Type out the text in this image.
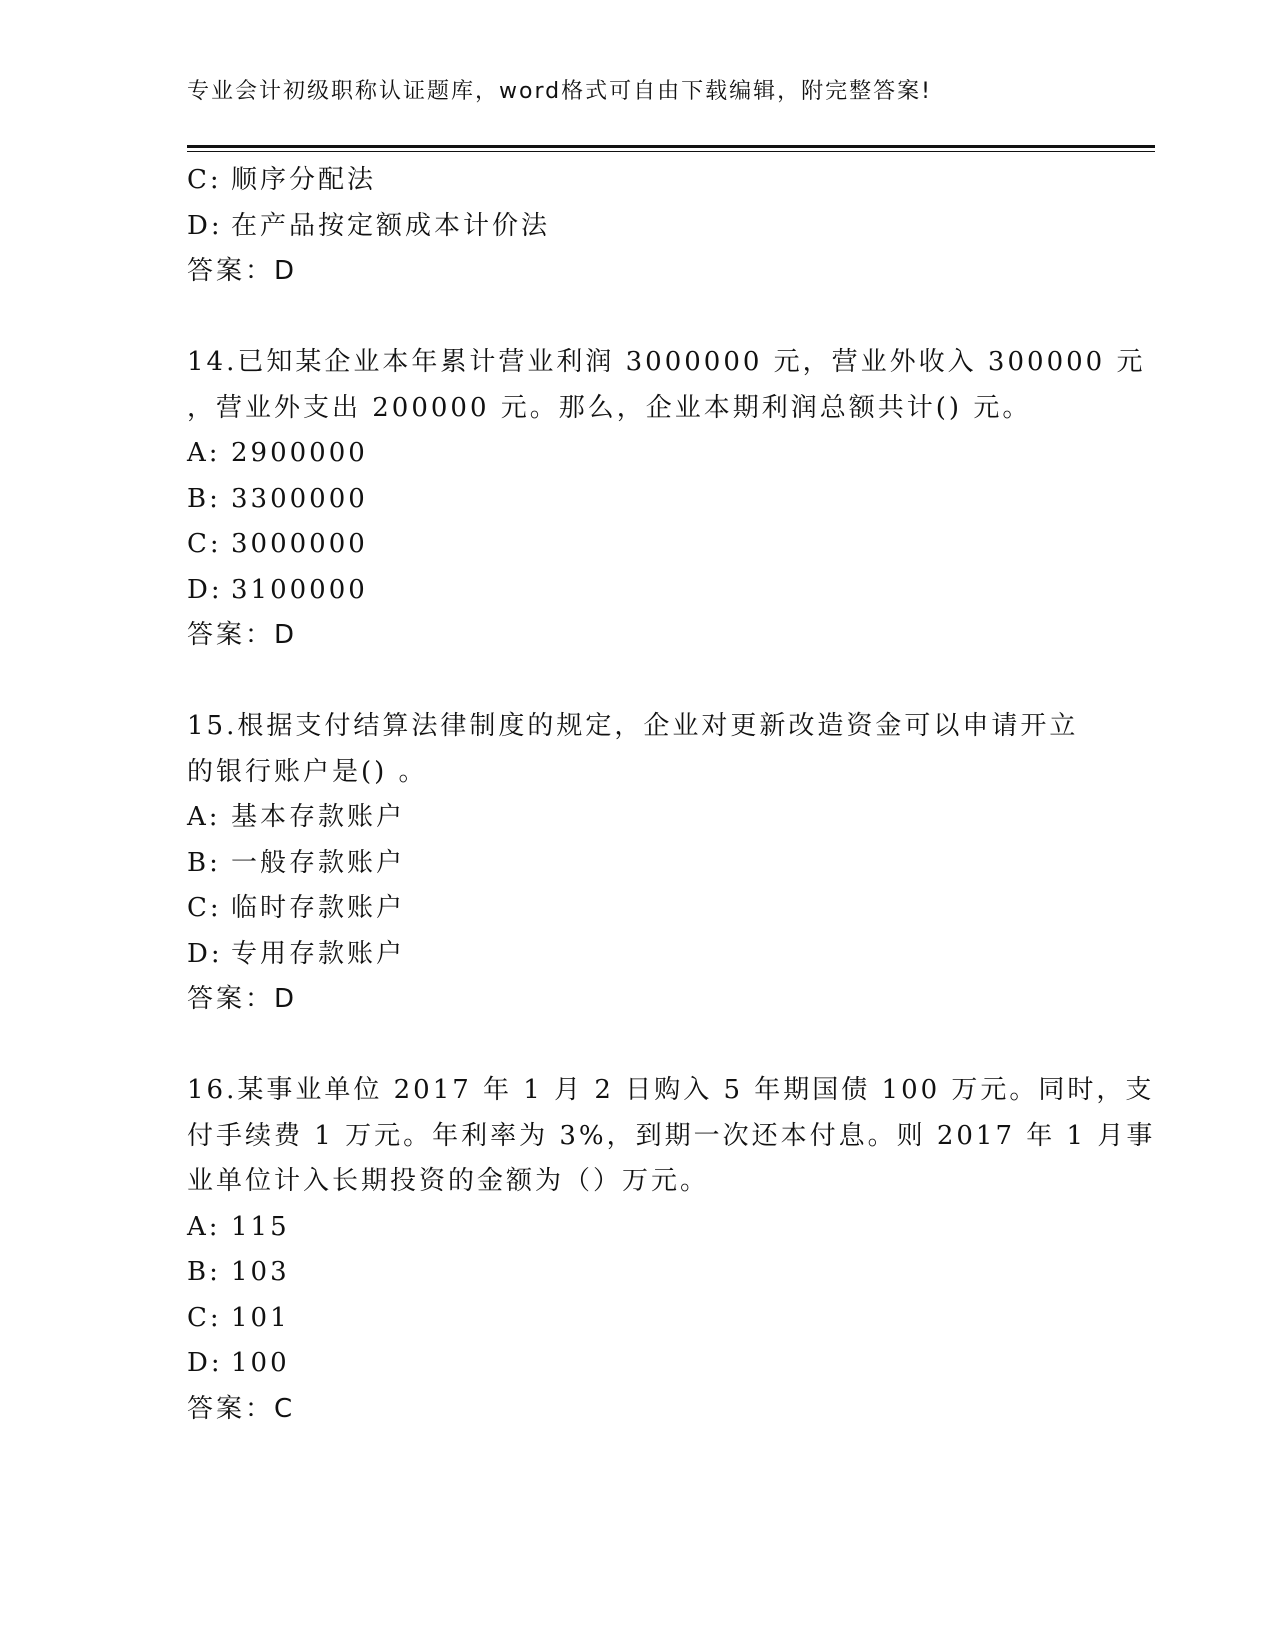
专业会计初级职称认证题库，word格式可自由下载编辑，附完整答案!
C: 顺序分配法
D: 在产品按定额成本计价法
答案：D
14.已知某企业本年累计营业利润 3000000 元，营业外收入 300000 元
，营业外支出 200000 元。那么，企业本期利润总额共计() 元。
A: 2900000
B: 3300000
C: 3000000
D: 3100000
答案：D
15.根据支付结算法律制度的规定，企业对更新改造资金可以申请开立
的银行账户是() 。
A: 基本存款账户
B: 一般存款账户
C: 临时存款账户
D: 专用存款账户
答案：D
16.某事业单位 2017 年 1 月 2 日购入 5 年期国债 100 万元。同时，支
付手续费 1 万元。年利率为 3%，到期一次还本付息。则 2017 年 1 月事
业单位计入长期投资的金额为（）万元。
A: 115
B: 103
C: 101
D: 100
答案：C
